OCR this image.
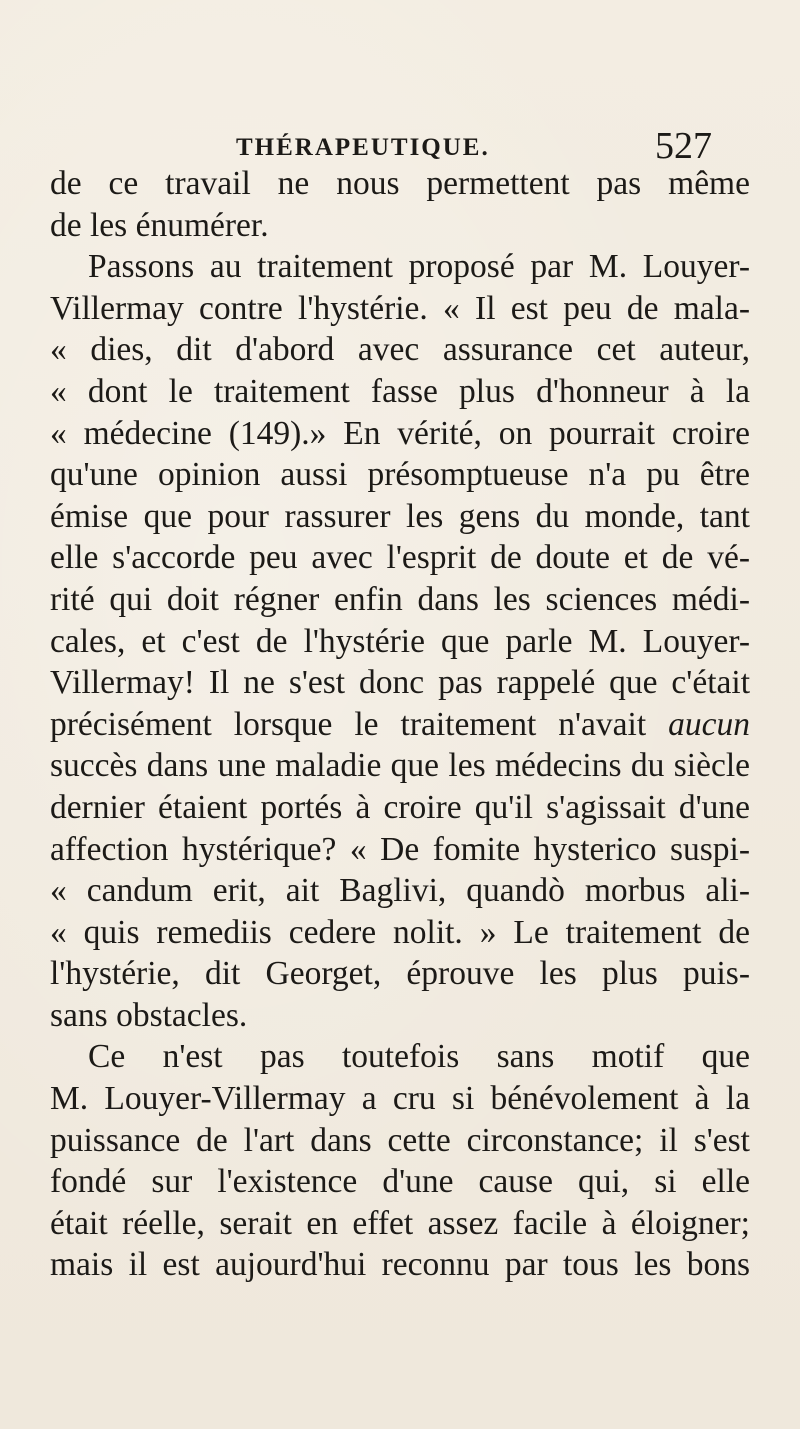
THÉRAPEUTIQUE.	527
de ce travail ne nous permettent pas même
de les énumérer.
Passons au traitement proposé par M. Louyer-
Villermay contre l'hystérie. « Il est peu de mala-
« dies, dit d'abord avec assurance cet auteur,
« dont le traitement fasse plus d'honneur à la
« médecine (149).» En vérité, on pourrait croire
qu'une opinion aussi présomptueuse n'a pu être
émise que pour rassurer les gens du monde, tant
elle s'accorde peu avec l'esprit de doute et de vé-
rité qui doit régner enfin dans les sciences médi-
cales, et c'est de l'hystérie que parle M. Louyer-
Villermay! Il ne s'est donc pas rappelé que c'était
précisément lorsque le traitement n'avait aucun
succès dans une maladie que les médecins du siècle
dernier étaient portés à croire qu'il s'agissait d'une
affection hystérique? « De fomite hysterico suspi-
« candum erit, ait Baglivi, quandò morbus ali-
« quis remediis cedere nolit. » Le traitement de
l'hystérie, dit Georget, éprouve les plus puis-
sans obstacles.
Ce n'est pas toutefois sans motif que
M. Louyer-Villermay a cru si bénévolement à la
puissance de l'art dans cette circonstance; il s'est
fondé sur l'existence d'une cause qui, si elle
était réelle, serait en effet assez facile à éloigner;
mais il est aujourd'hui reconnu par tous les bons
